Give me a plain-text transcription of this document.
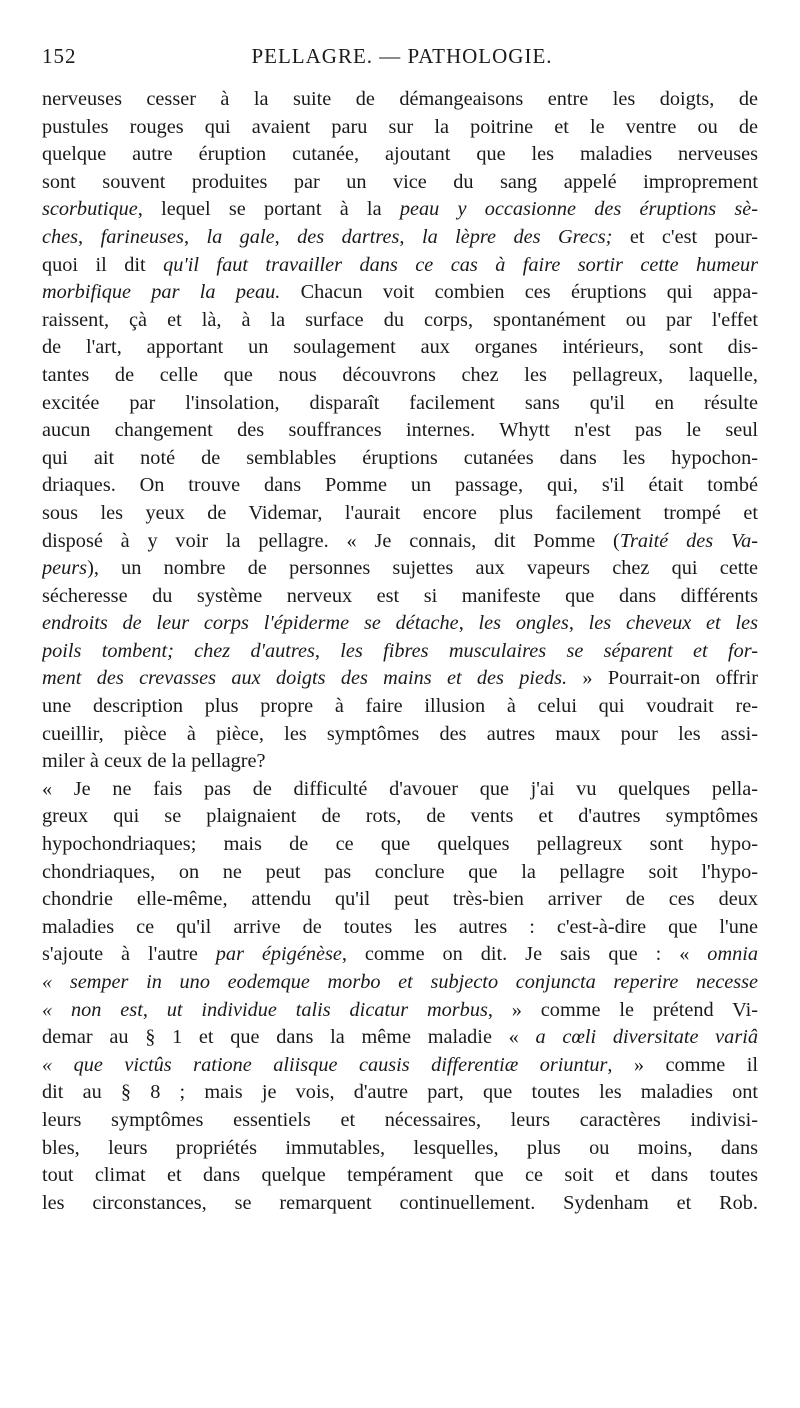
152	PELLAGRE. — PATHOLOGIE.
nerveuses cesser à la suite de démangeaisons entre les doigts, de
pustules rouges qui avaient paru sur la poitrine et le ventre ou de
quelque autre éruption cutanée, ajoutant que les maladies nerveuses
sont souvent produites par un vice du sang appelé improprement
scorbutique, lequel se portant à la peau y occasionne des éruptions sè-
ches, farineuses, la gale, des dartres, la lèpre des Grecs; et c'est pour-
quoi il dit qu'il faut travailler dans ce cas à faire sortir cette humeur
morbifique par la peau. Chacun voit combien ces éruptions qui appa-
raissent, çà et là, à la surface du corps, spontanément ou par l'effet
de l'art, apportant un soulagement aux organes intérieurs, sont dis-
tantes de celle que nous découvrons chez les pellagreux, laquelle,
excitée par l'insolation, disparaît facilement sans qu'il en résulte
aucun changement des souffrances internes. Whytt n'est pas le seul
qui ait noté de semblables éruptions cutanées dans les hypochon-
driaques. On trouve dans Pomme un passage, qui, s'il était tombé
sous les yeux de Videmar, l'aurait encore plus facilement trompé et
disposé à y voir la pellagre. « Je connais, dit Pomme (Traité des Va-
peurs), un nombre de personnes sujettes aux vapeurs chez qui cette
sécheresse du système nerveux est si manifeste que dans différents
endroits de leur corps l'épiderme se détache, les ongles, les cheveux et les
poils tombent; chez d'autres, les fibres musculaires se séparent et for-
ment des crevasses aux doigts des mains et des pieds. » Pourrait-on offrir
une description plus propre à faire illusion à celui qui voudrait re-
cueillir, pièce à pièce, les symptômes des autres maux pour les assi-
miler à ceux de la pellagre?
« Je ne fais pas de difficulté d'avouer que j'ai vu quelques pella-
greux qui se plaignaient de rots, de vents et d'autres symptômes
hypochondriaques; mais de ce que quelques pellagreux sont hypo-
chondriaques, on ne peut pas conclure que la pellagre soit l'hypo-
chondrie elle-même, attendu qu'il peut très-bien arriver de ces deux
maladies ce qu'il arrive de toutes les autres : c'est-à-dire que l'une
s'ajoute à l'autre par épigénèse, comme on dit. Je sais que : « omnia
« semper in uno eodemque morbo et subjecto conjuncta reperire necesse
« non est, ut individue talis dicatur morbus, » comme le prétend Vi-
demar au § 1 et que dans la même maladie « a cœli diversitate variâ
« que victûs ratione aliisque causis differentiæ oriuntur, » comme il
dit au § 8 ; mais je vois, d'autre part, que toutes les maladies ont
leurs symptômes essentiels et nécessaires, leurs caractères indivisi-
bles, leurs propriétés immutables, lesquelles, plus ou moins, dans
tout climat et dans quelque tempérament que ce soit et dans toutes
les circonstances, se remarquent continuellement. Sydenham et Rob.
